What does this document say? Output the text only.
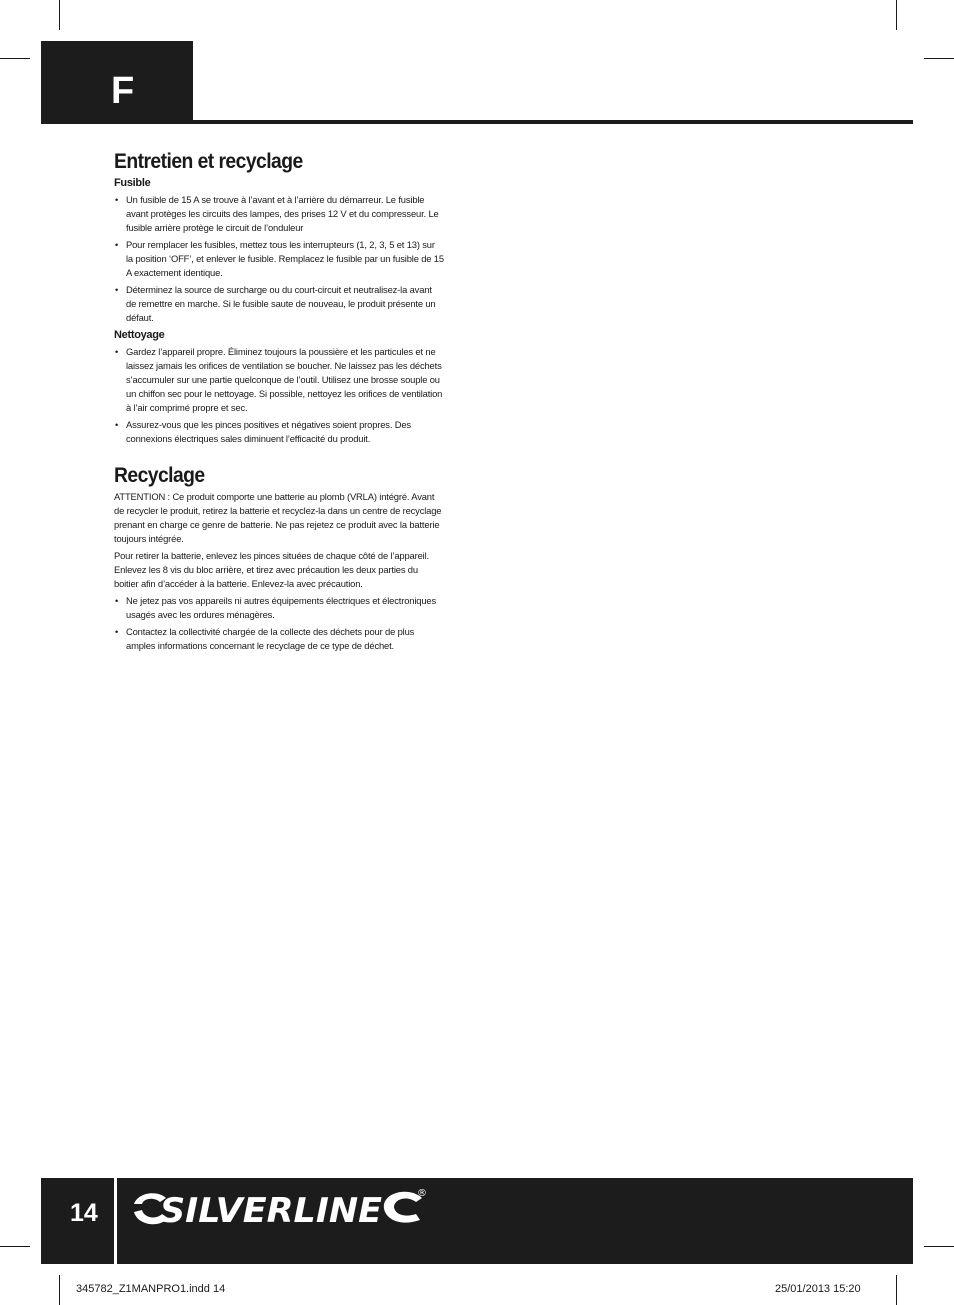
F
Entretien et recyclage
Fusible
• Un fusible de 15 A se trouve à l’avant et à l’arrière du démarreur. Le fusible avant protèges les circuits des lampes, des prises 12 V et du compresseur. Le fusible arrière protège le circuit de l’onduleur
• Pour remplacer les fusibles, mettez tous les interrupteurs (1, 2, 3, 5 et 13) sur la position ‘OFF’, et enlever le fusible. Remplacez le fusible par un fusible de 15 A exactement identique.
• Déterminez la source de surcharge ou du court-circuit et neutralisez-la avant de remettre en marche. Si le fusible saute de nouveau, le produit présente un défaut.
Nettoyage
• Gardez l’appareil propre. Éliminez toujours la poussière et les particules et ne laissez jamais les orifices de ventilation se boucher. Ne laissez pas les déchets s’accumuler sur une partie quelconque de l’outil. Utilisez une brosse souple ou un chiffon sec pour le nettoyage. Si possible, nettoyez les orifices de ventilation à l’air comprimé propre et sec.
• Assurez-vous que les pinces positives et négatives soient propres. Des connexions électriques sales diminuent l’efficacité du produit.
Recyclage

ATTENTION : Ce produit comporte une batterie au plomb (VRLA) intégré. Avant de recycler le produit, retirez la batterie et recyclez-la dans un centre de recyclage prenant en charge ce genre de batterie. Ne pas rejetez ce produit avec la batterie toujours intégrée.

Pour retirer la batterie, enlevez les pinces situées de chaque côté de l’appareil. Enlevez les 8 vis du bloc arrière, et tirez avec précaution les deux parties du boitier afin d’accéder à la batterie. Enlevez-la avec précaution.

• Ne jetez pas vos appareils ni autres équipements électriques et électroniques usagés avec les ordures ménagères.
• Contactez la collectivité chargée de la collecte des déchets pour de plus amples informations concernant le recyclage de ce type de déchet.
14 SILVERLINE	®
345782_Z1MANPRO1.indd 14	25/01/2013 15:20
